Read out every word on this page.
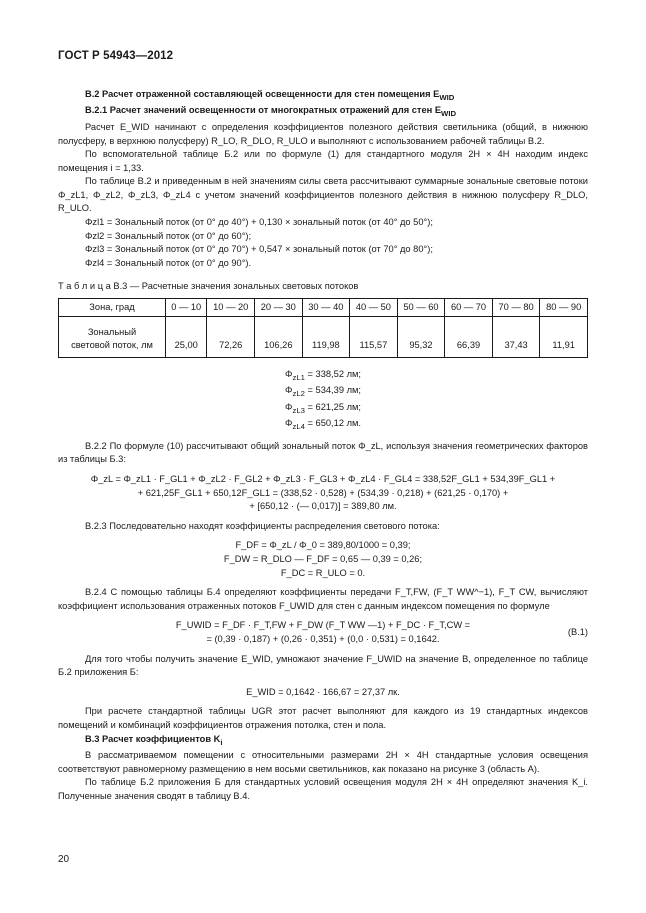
ГОСТ Р 54943—2012

В.2 Расчет отраженной составляющей освещенности для стен помещения $E_{WID}$

В.2.1 Расчет значений освещенности от многократных отражений для стен $E_{WID}$

Расчет E_WID начинают с определения коэффициентов полезного действия светильника (общий, в нижнюю полусферу, в верхнюю полусферу) R_LO, R_DLO, R_ULO и выполняют с использованием рабочей таблицы В.2.

По вспомогательной таблице Б.2 или по формуле (1) для стандартного модуля 2H × 4H находим индекс помещения i = 1,33.

По таблице В.2 и приведенным в ней значениям силы света рассчитывают суммарные зональные световые потоки Φ_zL1, Φ_zL2, Φ_zL3, Φ_zL4 с учетом значений коэффициентов полезного действия в нижнюю полусферу R_DLO, R_ULO.

Φzl1 = Зональный поток (от 0° до 40°) + 0,130 × зональный поток (от 40° до 50°);

Φzl2 = Зональный поток (от 0° до 60°);

Φzl3 = Зональный поток (от 0° до 70°) + 0,547 × зональный поток (от 70° до 80°);

Φzl4 = Зональный поток (от 0° до 90°).

Т а б л и ц а В.3 — Расчетные значения зональных световых потоков

Зона, град	0 — 10	10 — 20	20 — 30	30 — 40	40 — 50	50 — 60	60 — 70	70 — 80	80 — 90
Зональный
световой поток, лм	25,00	72,26	106,26	119,98	115,57	95,32	66,39	37,43	11,91

$\Phi_{zL1} = 338,52$ лм;

$\Phi_{zL2} = 534,39$ лм;

$\Phi_{zL3} = 621,25$ лм;

$\Phi_{zL4} = 650,12$ лм.

В.2.2 По формуле (10) рассчитывают общий зональный поток Φ_zL, используя значения геометрических факторов из таблицы Б.3:

Φ_zL = Φ_zL1 · F_GL1 + Φ_zL2 · F_GL2 + Φ_zL3 · F_GL3 + Φ_zL4 · F_GL4 = 338,52F_GL1 + 534,39F_GL1 +

+ 621,25F_GL1 + 650,12F_GL1 = (338,52 · 0,528) + (534,39 · 0,218) + (621,25 · 0,170) +

+ [650,12 · (— 0,017)] = 389,80 лм.

В.2.3 Последовательно находят коэффициенты распределения светового потока:

F_DF = Φ_zL / Φ_0 = 389,80/1000 = 0,39;

F_DW = R_DLO — F_DF = 0,65 — 0,39 = 0,26;

F_DC = R_ULO = 0.

В.2.4 С помощью таблицы Б.4 определяют коэффициенты передачи F_T,FW, (F_T WW^−1), F_T CW, вычисляют коэффициент использования отраженных потоков F_UWID для стен с данным индексом помещения по формуле

F_UWID = F_DF · F_T,FW + F_DW (F_T WW —1) + F_DC · F_T,CW =

= (0,39 · 0,187) + (0,26 · 0,351) + (0,0 · 0,531) = 0,1642.

(В.1)

Для того чтобы получить значение E_WID, умножают значение F_UWID на значение B, определенное по таблице Б.2 приложения Б:

E_WID = 0,1642 · 166,67 = 27,37 лк.

При расчете стандартной таблицы UGR этот расчет выполняют для каждого из 19 стандартных индексов помещений и комбинаций коэффициентов отражения потолка, стен и пола.

В.3 Расчет коэффициентов $K_i$

В рассматриваемом помещении с относительными размерами 2H × 4H стандартные условия освещения соответствуют равномерному размещению в нем восьми светильников, как показано на рисунке 3 (область А).

По таблице Б.2 приложения Б для стандартных условий освещения модуля 2H × 4H определяют значения K_i. Полученные значения сводят в таблицу В.4.

20
